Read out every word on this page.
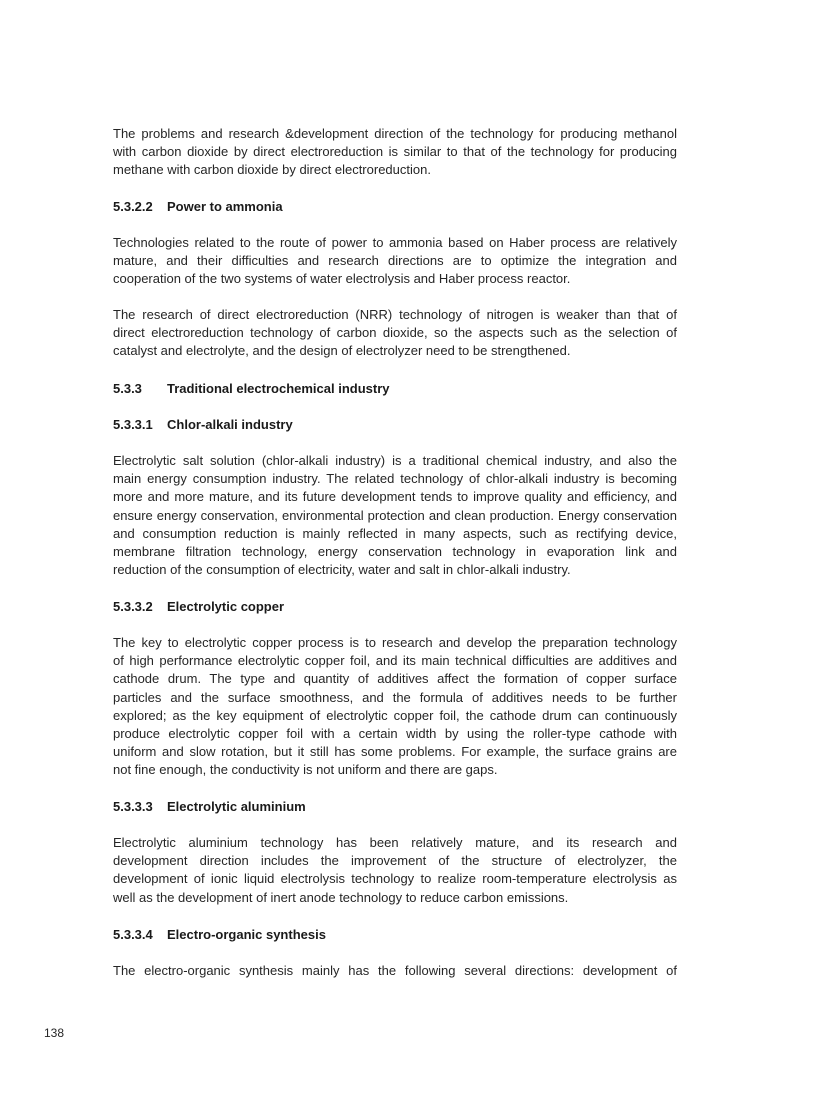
The problems and research &development direction of the technology for producing methanol
with carbon dioxide by direct electroreduction is similar to that of the technology for producing
methane with carbon dioxide by direct electroreduction.
5.3.2.2 Power to ammonia
Technologies related to the route of power to ammonia based on Haber process are relatively
mature, and their difficulties and research directions are to optimize the integration and
cooperation of the two systems of water electrolysis and Haber process reactor.
The research of direct electroreduction (NRR) technology of nitrogen is weaker than that of
direct electroreduction technology of carbon dioxide, so the aspects such as the selection of
catalyst and electrolyte, and the design of electrolyzer need to be strengthened.
5.3.3 Traditional electrochemical industry
5.3.3.1 Chlor-alkali industry
Electrolytic salt solution (chlor-alkali industry) is a traditional chemical industry, and also the
main energy consumption industry. The related technology of chlor-alkali industry is becoming
more and more mature, and its future development tends to improve quality and efficiency, and
ensure energy conservation, environmental protection and clean production. Energy conservation
and consumption reduction is mainly reflected in many aspects, such as rectifying device,
membrane filtration technology, energy conservation technology in evaporation link and
reduction of the consumption of electricity, water and salt in chlor-alkali industry.
5.3.3.2 Electrolytic copper
The key to electrolytic copper process is to research and develop the preparation technology
of high performance electrolytic copper foil, and its main technical difficulties are additives and
cathode drum. The type and quantity of additives affect the formation of copper surface
particles and the surface smoothness, and the formula of additives needs to be further
explored; as the key equipment of electrolytic copper foil, the cathode drum can continuously
produce electrolytic copper foil with a certain width by using the roller-type cathode with
uniform and slow rotation, but it still has some problems. For example, the surface grains are
not fine enough, the conductivity is not uniform and there are gaps.
5.3.3.3 Electrolytic aluminium
Electrolytic aluminium technology has been relatively mature, and its research and
development direction includes the improvement of the structure of electrolyzer, the
development of ionic liquid electrolysis technology to realize room-temperature electrolysis as
well as the development of inert anode technology to reduce carbon emissions.
5.3.3.4 Electro-organic synthesis
The electro-organic synthesis mainly has the following several directions: development of
138
